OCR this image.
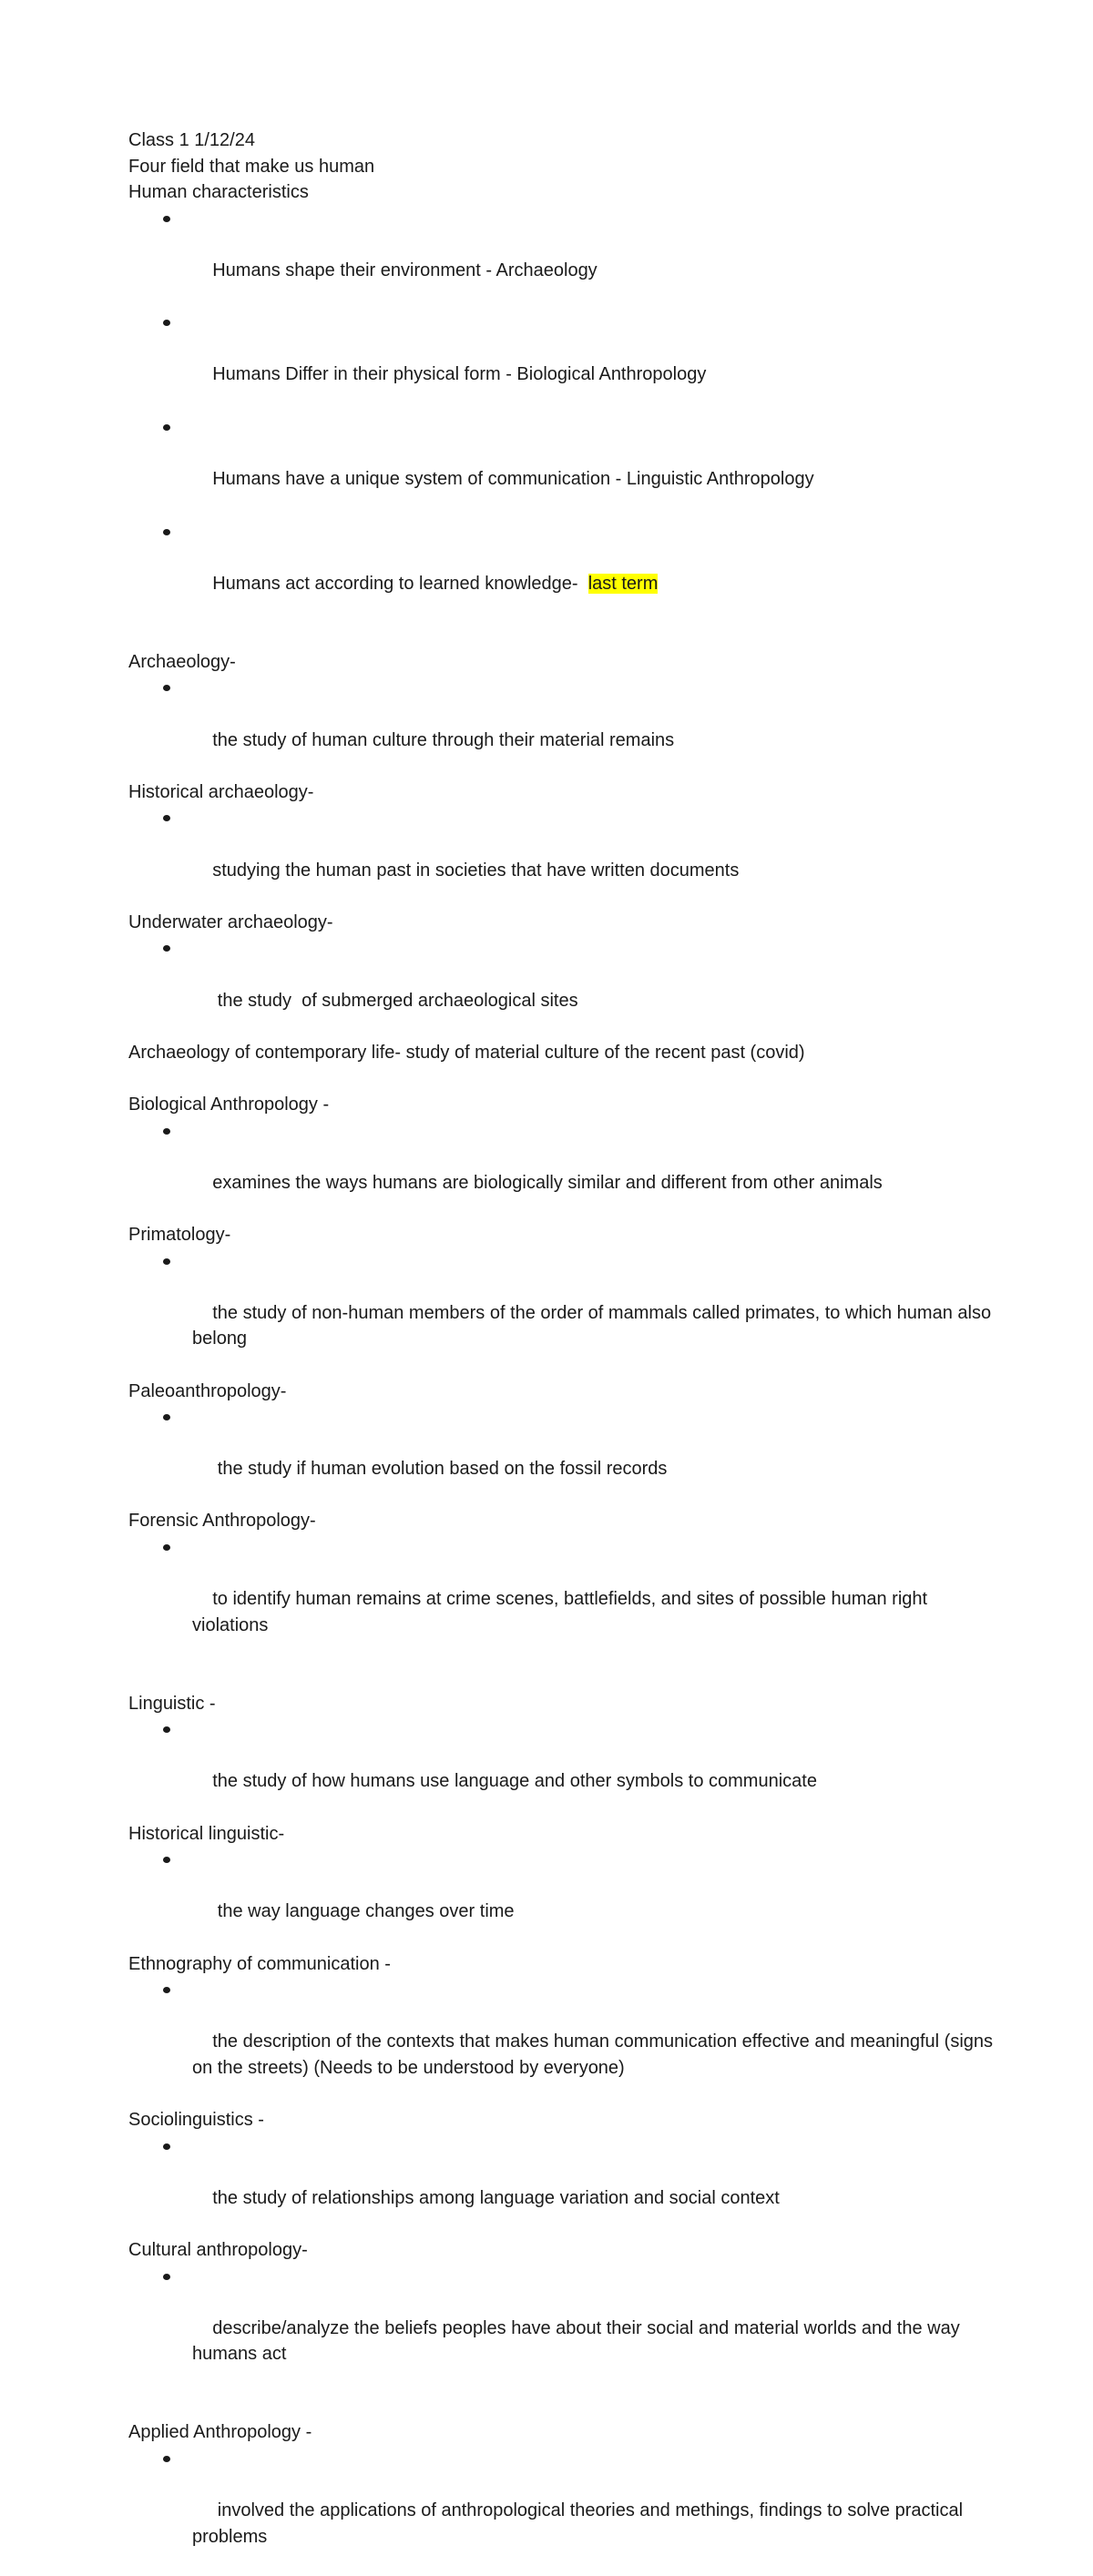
Class 1 1/12/24

Four field that make us human

Human characteristics

Humans shape their environment - Archaeology

Humans Differ in their physical form - Biological Anthropology

Humans have a unique system of communication - Linguistic Anthropology

Humans act according to learned knowledge-  last term

Archaeology-

the study of human culture through their material remains

Historical archaeology-

studying the human past in societies that have written documents

Underwater archaeology-

the study  of submerged archaeological sites

Archaeology of contemporary life- study of material culture of the recent past (covid)

Biological Anthropology -

examines the ways humans are biologically similar and different from other animals

Primatology-

the study of non-human members of the order of mammals called primates, to which human also belong

Paleoanthropology-

the study if human evolution based on the fossil records

Forensic Anthropology-

to identify human remains at crime scenes, battlefields, and sites of possible human right violations

Linguistic -

the study of how humans use language and other symbols to communicate

Historical linguistic-

the way language changes over time

Ethnography of communication -

the description of the contexts that makes human communication effective and meaningful (signs on the streets) (Needs to be understood by everyone)

Sociolinguistics -

the study of relationships among language variation and social context

Cultural anthropology-

describe/analyze the beliefs peoples have about their social and material worlds and the way humans act

Applied Anthropology -

involved the applications of anthropological theories and methings, findings to solve practical problems
